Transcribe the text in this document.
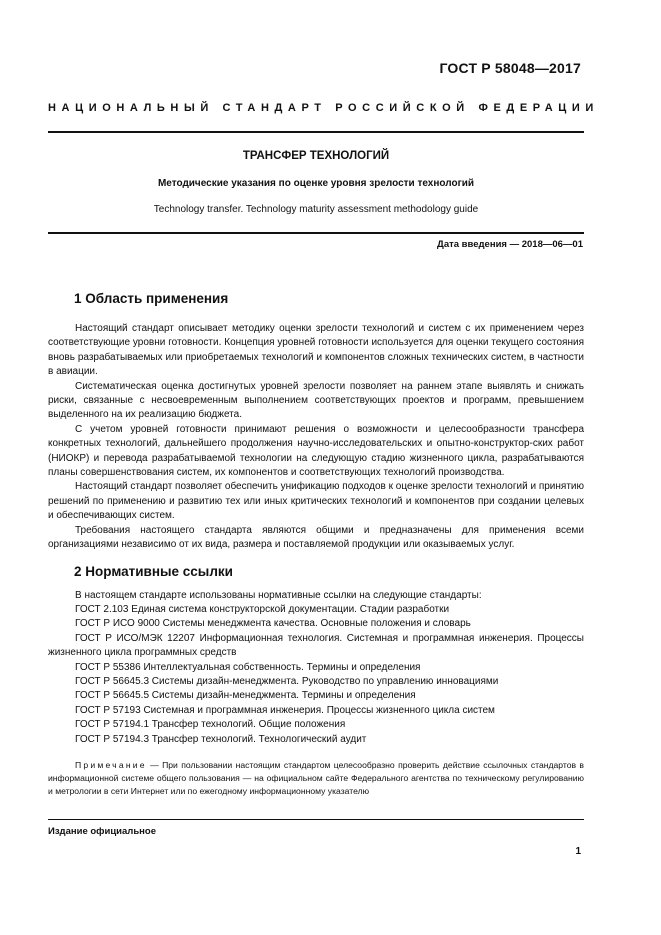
ГОСТ Р 58048—2017
НАЦИОНАЛЬНЫЙ СТАНДАРТ РОССИЙСКОЙ ФЕДЕРАЦИИ
ТРАНСФЕР ТЕХНОЛОГИЙ
Методические указания по оценке уровня зрелости технологий
Technology transfer. Technology maturity assessment methodology guide
Дата введения — 2018—06—01
1 Область применения

Настоящий стандарт описывает методику оценки зрелости технологий и систем с их применением через соответствующие уровни готовности. Концепция уровней готовности используется для оценки текущего состояния вновь разрабатываемых или приобретаемых технологий и компонентов сложных технических систем, в частности в авиации.

Систематическая оценка достигнутых уровней зрелости позволяет на раннем этапе выявлять и снижать риски, связанные с несвоевременным выполнением соответствующих проектов и программ, превышением выделенного на их реализацию бюджета.

С учетом уровней готовности принимают решения о возможности и целесообразности трансфера конкретных технологий, дальнейшего продолжения научно-исследовательских и опытно-конструктор-ских работ (НИОКР) и перевода разрабатываемой технологии на следующую стадию жизненного цикла, разрабатываются планы совершенствования систем, их компонентов и соответствующих технологий производства.

Настоящий стандарт позволяет обеспечить унификацию подходов к оценке зрелости технологий и принятию решений по применению и развитию тех или иных критических технологий и компонентов при создании целевых и обеспечивающих систем.

Требования настоящего стандарта являются общими и предназначены для применения всеми организациями независимо от их вида, размера и поставляемой продукции или оказываемых услуг.

2 Нормативные ссылки

В настоящем стандарте использованы нормативные ссылки на следующие стандарты:

ГОСТ 2.103 Единая система конструкторской документации. Стадии разработки

ГОСТ Р ИСО 9000 Системы менеджмента качества. Основные положения и словарь

ГОСТ Р ИСО/МЭК 12207 Информационная технология. Системная и программная инженерия. Процессы жизненного цикла программных средств

ГОСТ Р 55386 Интеллектуальная собственность. Термины и определения

ГОСТ Р 56645.3 Системы дизайн-менеджмента. Руководство по управлению инновациями

ГОСТ Р 56645.5 Системы дизайн-менеджмента. Термины и определения

ГОСТ Р 57193 Системная и программная инженерия. Процессы жизненного цикла систем

ГОСТ Р 57194.1 Трансфер технологий. Общие положения

ГОСТ Р 57194.3 Трансфер технологий. Технологический аудит

Примечание — При пользовании настоящим стандартом целесообразно проверить действие ссылочных стандартов в информационной системе общего пользования — на официальном сайте Федерального агентства по техническому регулированию и метрологии в сети Интернет или по ежегодному информационному указателю

Издание официальное
1
